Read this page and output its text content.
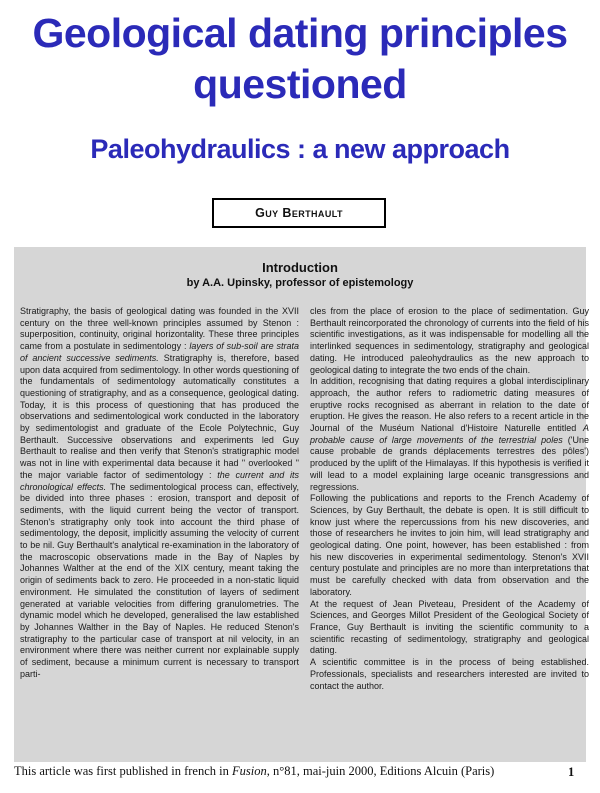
Geological dating principles
questioned
Paleohydraulics : a new approach
Guy Berthault
Introduction
by A.A. Upinsky, professor of epistemology

Stratigraphy, the basis of geological dating was founded in the XVII century on the three well-known principles assumed by Stenon : superposition, continuity, original horizontality. These three principles came from a postulate in sedimentology : layers of sub-soil are strata of ancient successive sediments. Stratigraphy is, therefore, based upon data acquired from sedimentology. In other words questioning of the fundamentals of sedimentology automatically constitutes a questioning of stratigraphy, and as a consequence, geological dating. Today, it is this process of questioning that has produced the observations and sedimentological work conducted in the laboratory by sedimentologist and graduate of the Ecole Polytechnic, Guy Berthault. Successive observations and experiments led Guy Berthault to realise and then verify that Stenon's stratigraphic model was not in line with experimental data because it had " overlooked " the major variable factor of sedimentology : the current and its chronological effects. The sedimentological process can, effectively, be divided into three phases : erosion, transport and deposit of sediments, with the liquid current being the vector of transport. Stenon's stratigraphy only took into account the third phase of sedimentology, the deposit, implicitly assuming the velocity of current to be nil. Guy Berthault's analytical re-examination in the laboratory of the macroscopic observations made in the Bay of Naples by Johannes Walther at the end of the XIX century, meant taking the origin of sediments back to zero. He proceeded in a non-static liquid environment. He simulated the constitution of layers of sediment generated at variable velocities from differing granulometries. The dynamic model which he developed, generalised the law established by Johannes Walther in the Bay of Naples. He reduced Stenon's stratigraphy to the particular case of transport at nil velocity, in an environment where there was neither current nor explainable supply of sediment, because a minimum current is necessary to transport parti-

cles from the place of erosion to the place of sedimentation. Guy Berthault reincorporated the chronology of currents into the field of his scientific investigations, as it was indispensable for modelling all the interlinked sequences in sedimentology, stratigraphy and geological dating. He introduced paleohydraulics as the new approach to geological dating to integrate the two ends of the chain.

In addition, recognising that dating requires a global interdisciplinary approach, the author refers to radiometric dating measures of eruptive rocks recognised as aberrant in relation to the date of eruption. He gives the reason. He also refers to a recent article in the Journal of the Muséum National d'Histoire Naturelle entitled A probable cause of large movements of the terrestrial poles ('Une cause probable de grands déplacements terrestres des pôles') produced by the uplift of the Himalayas. If this hypothesis is verified it will lead to a model explaining large oceanic transgressions and regressions.

Following the publications and reports to the French Academy of Sciences, by Guy Berthault, the debate is open. It is still difficult to know just where the repercussions from his new discoveries, and those of researchers he invites to join him, will lead stratigraphy and geological dating. One point, however, has been established : from his new discoveries in experimental sedimentology. Stenon's XVII century postulate and principles are no more than interpretations that must be carefully checked with data from observation and the laboratory.

At the request of Jean Piveteau, President of the Academy of Sciences, and Georges Millot President of the Geological Society of France, Guy Berthault is inviting the scientific community to a scientific recasting of sedimentology, stratigraphy and geological dating.

A scientific committee is in the process of being established. Professionals, specialists and researchers interested are invited to contact the author.

This article was first published in french in Fusion, n°81, mai-juin 2000, Editions Alcuin (Paris)	1
